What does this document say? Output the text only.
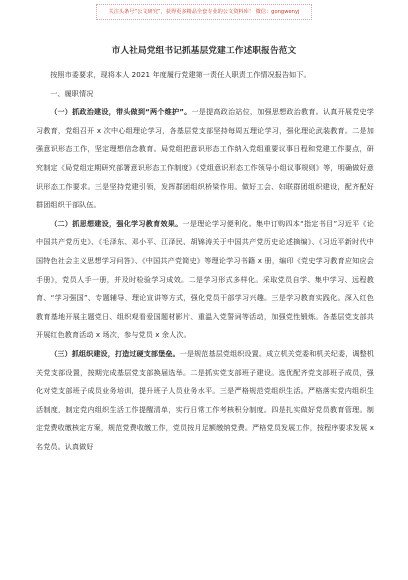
关注头条号“公文研究”，获得更多精品全套专业的公文资料库！ 微信：gongwenyj
市人社局党组书记抓基层党建工作述职报告范文

按照市委要求，现将本人 2021 年度履行党建第一责任人职责工作情况报告如下。

一、履职情况

（一）抓政治建设，带头做到“两个维护”。一是提高政治站位，加强思想政治教育。认真开展党史学习教育，党组召开 x 次中心组理论学习，各基层党支部坚持每周五理论学习，强化理论武装教育。二是加强意识形态工作，坚定理想信念教育。局党组把意识形态工作纳入党组重要议事日程和党建工作要点，研究制定《局党组定期研究部署意识形态工作制度》《党组意识形态工作领导小组议事规则》等，明确做好意识形态工作要求。三是坚持党建引领，发挥群团组织桥梁作用。做好工会、妇联群团组织建设，配齐配好群团组织干部队伍。

（二）抓思想建设，强化学习教育效果。一是理论学习便利化。集中订购四本“指定书目”习近平《论中国共产党历史》、《毛泽东、邓小平、江泽民、胡锦涛关于中国共产党历史论述摘编》、《习近平新时代中国特色社会主义思想学习问答》、《中国共产党简史》等理论学习书籍 x 册，编印《党史学习教育应知应会手册》，党员人手一册，并及时检验学习成效。二是学习形式多样化。采取党员自学、集中学习、远程教育、“学习强国”、专题辅导、理论宣讲等方式，强化党员干部学习兴趣。三是学习教育实践化。深入红色教育基地开展主题党日、组织观看爱国题材影片、重温入党誓词等活动，加强党性锻炼。各基层党支部共开展红色教育活动 x 场次，参与党员 x 余人次。

（三）抓组织建设，打造过硬支部堡垒。一是规范基层党组织设置。成立机关党委和机关纪委，调整机关党支部设置，按期完成基层党支部换届选举。二是抓实党支部班子建设。选优配齐党支部班子成员，强化对党支部班子成员业务培训，提升班子人员业务水平。三是严格规范党组织生活。严格落实党内组织生活制度，制定党内组织生活工作提醒清单，实行日常工作考核积分制度。四是扎实做好党员教育管理。制定党费收缴核定方案，规范党费收缴工作，党员按月足额缴纳党费。严格党员发展工作，按程序要求发展 x 名党员。认真做好
